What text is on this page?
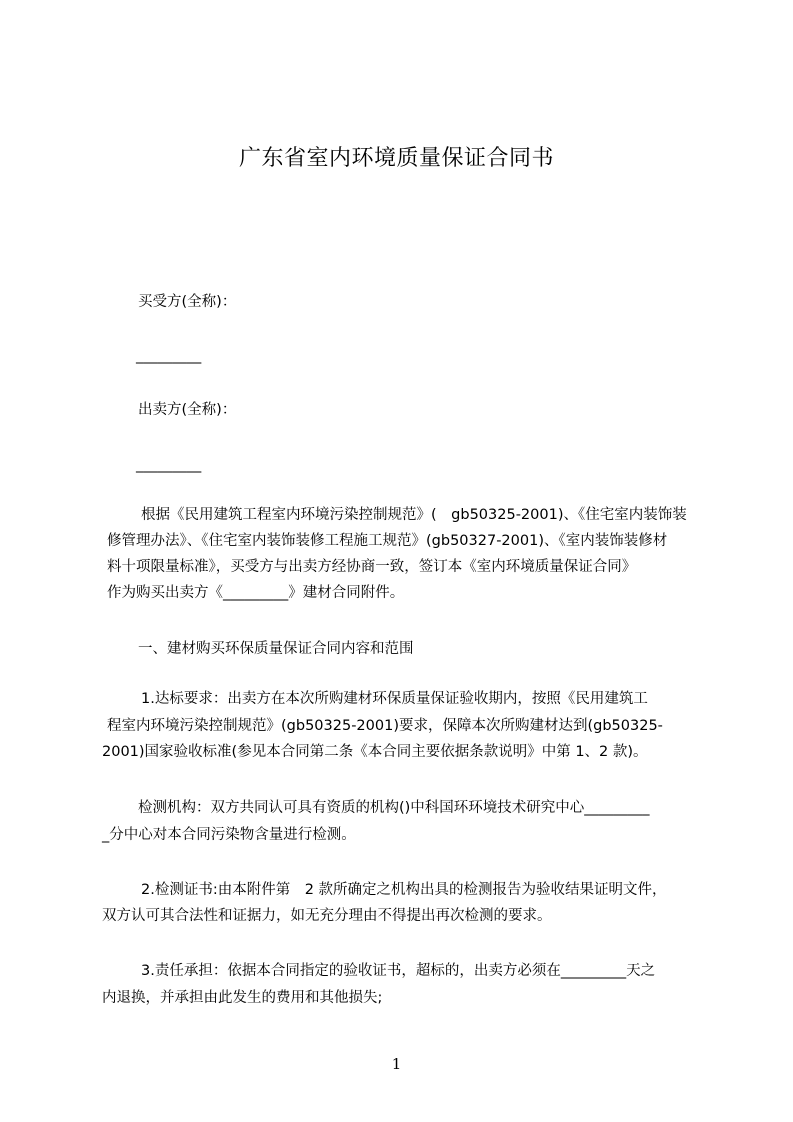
广东省室内环境质量保证合同书
买受方(全称)：
_________
出卖方(全称)：
_________
根据《民用建筑工程室内环境污染控制规范》(　gb50325-2001)、《住宅室内装饰装
修管理办法》、《住宅室内装饰装修工程施工规范》(gb50327-2001)、《室内装饰装修材
料十项限量标准》，买受方与出卖方经协商一致，签订本《室内环境质量保证合同》
作为购买出卖方《_________》建材合同附件。
一、建材购买环保质量保证合同内容和范围
1.达标要求：出卖方在本次所购建材环保质量保证验收期内，按照《民用建筑工
程室内环境污染控制规范》(gb50325-2001)要求，保障本次所购建材达到(gb50325-
2001)国家验收标准(参见本合同第二条《本合同主要依据条款说明》中第 1、2 款)。
检测机构：双方共同认可具有资质的机构()中科国环环境技术研究中心_________
_分中心对本合同污染物含量进行检测。
2.检测证书:由本附件第　2 款所确定之机构出具的检测报告为验收结果证明文件，
双方认可其合法性和证据力，如无充分理由不得提出再次检测的要求。
3.责任承担：依据本合同指定的验收证书，超标的，出卖方必须在_________天之
内退换，并承担由此发生的费用和其他损失;
1
